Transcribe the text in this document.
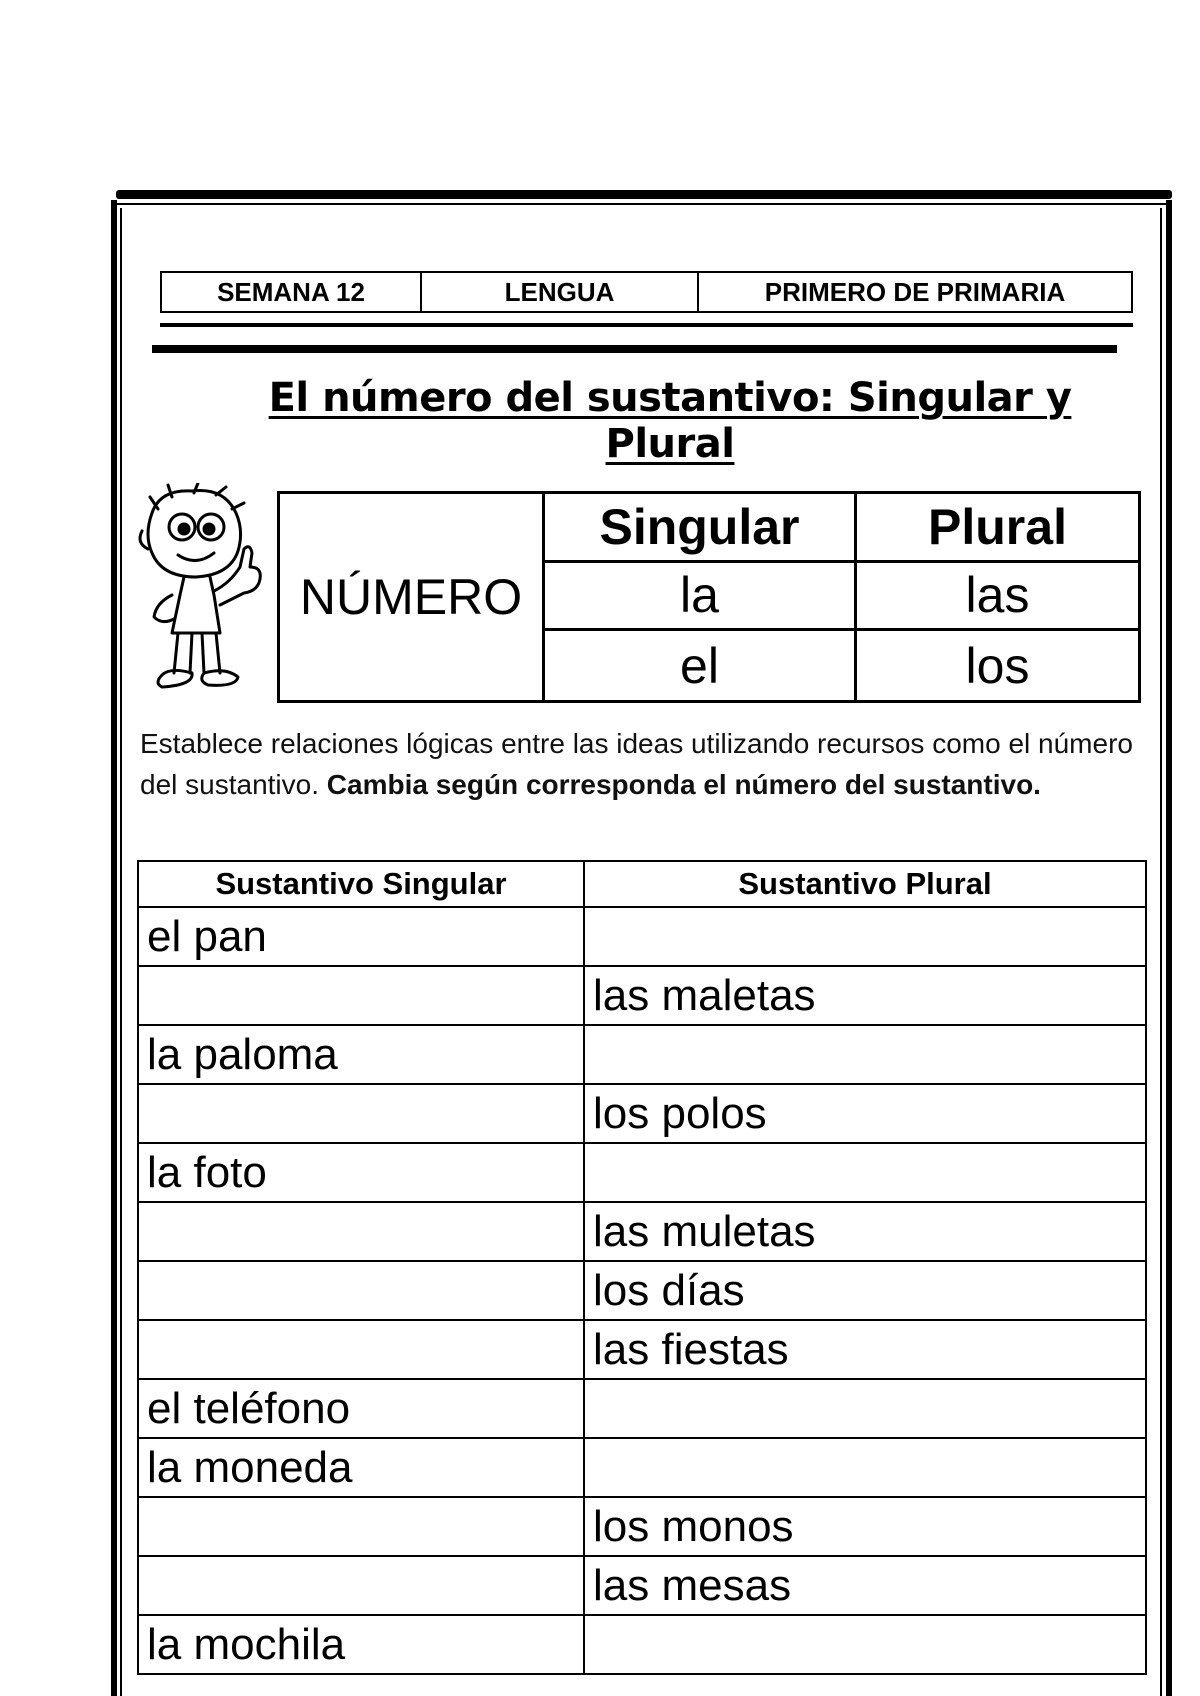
SEMANA 12	LENGUA	PRIMERO DE PRIMARIA
El número del sustantivo: Singular y Plural
NÚMERO
Singular	Plural
la	las
el	los
Establece relaciones lógicas entre las ideas utilizando recursos como el número del sustantivo. Cambia según corresponda el número del sustantivo.
Sustantivo Singular	Sustantivo Plural
el pan	
	las maletas
la paloma	
	los polos
la foto	
	las muletas
	los días
	las fiestas
el teléfono	
la moneda	
	los monos
	las mesas
la mochila	
